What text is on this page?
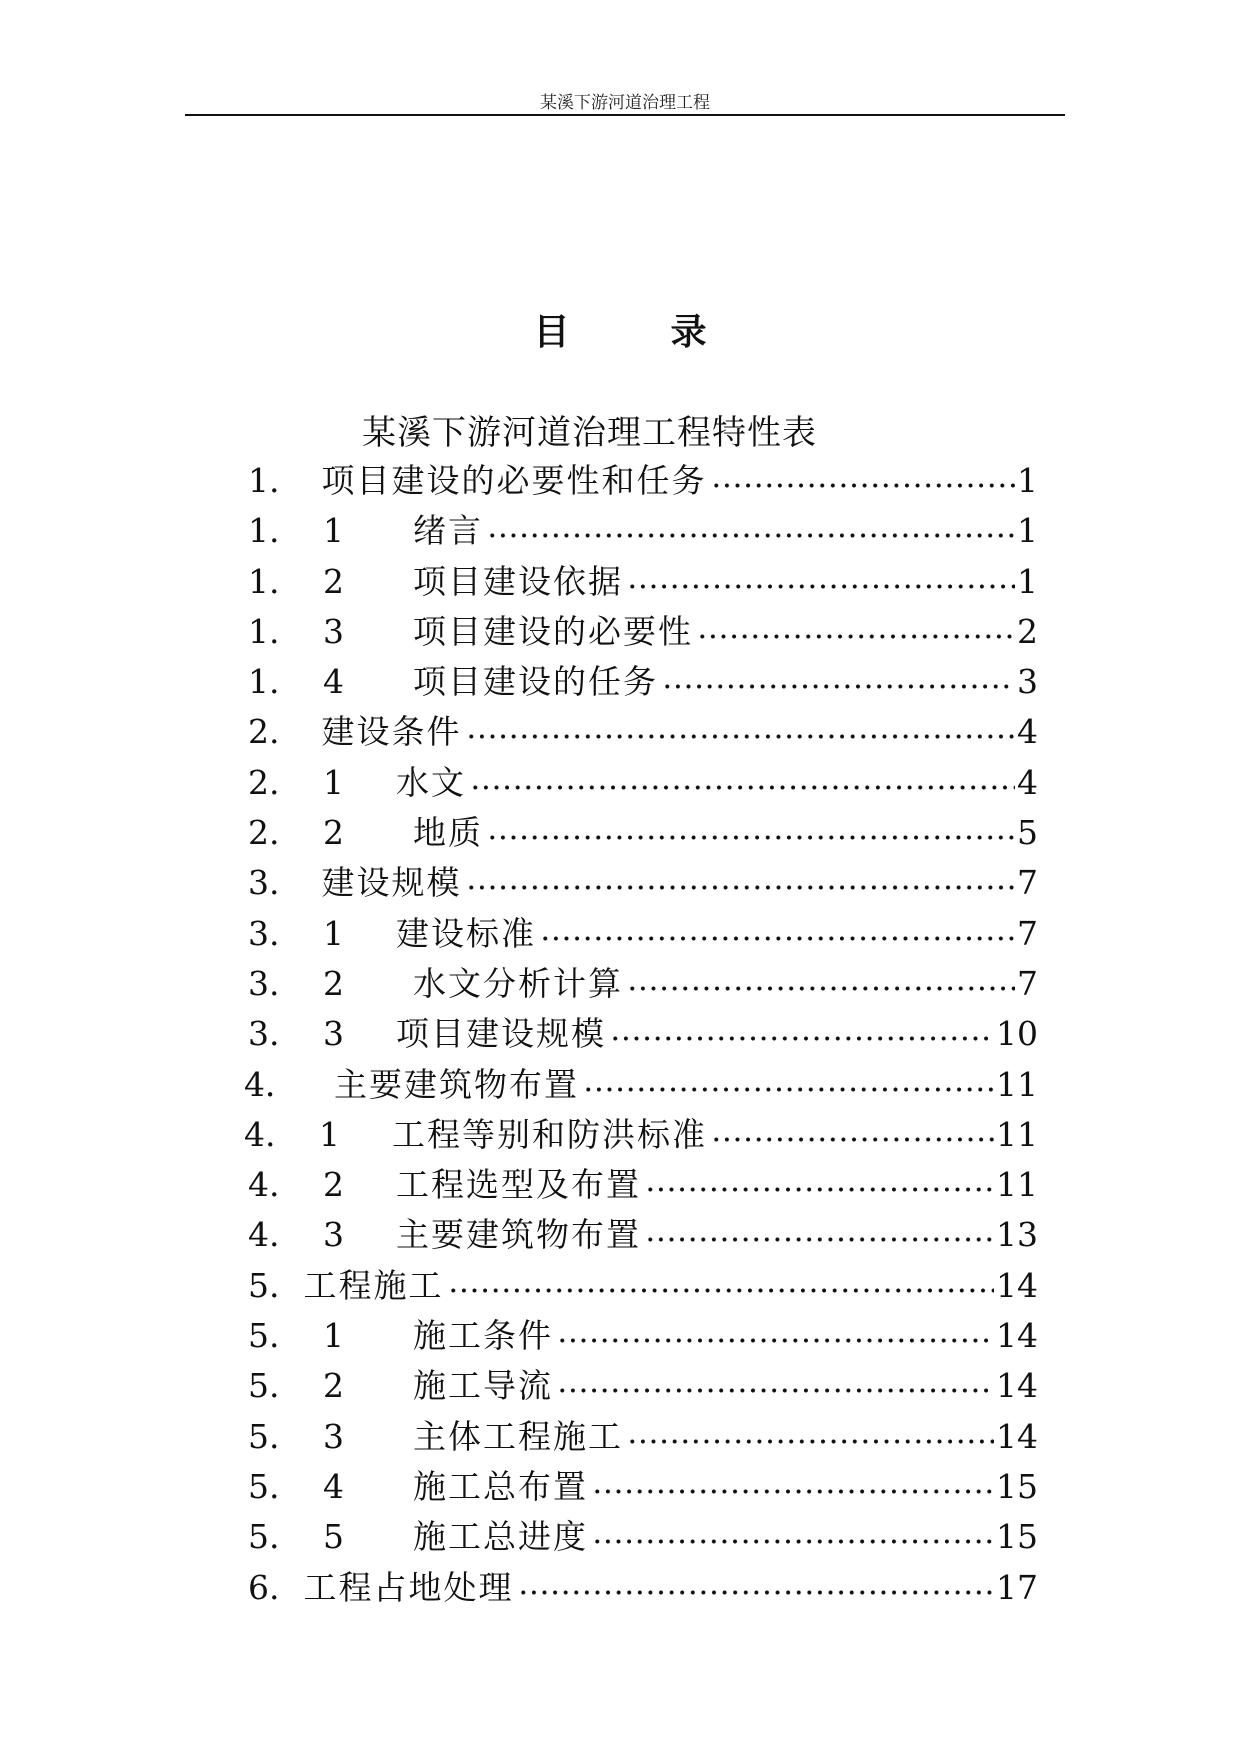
某溪下游河道治理工程
目	录
某溪下游河道治理工程特性表
1. 项目建设的必要性和任务	1
1.　 1 绪言	1
1.　 2 项目建设依据	1
1.　 3 项目建设的必要性	2
1.　 4 项目建设的任务	3
2. 建设条件	4
2.　 1 水文	4
2.　 2 地质	5
3. 建设规模	7
3.　 1 建设标准	7
3.　 2 水文分析计算	7
3.　 3 项目建设规模	10
4． 主要建筑物布置	11
4.　 1 工程等别和防洪标准	11
4.　 2 工程选型及布置	11
4.　 3 主要建筑物布置	13
5. 工程施工	14
5.　 1 施工条件	14
5.　 2 施工导流	14
5.　 3 主体工程施工	14
5.　 4 施工总布置	15
5.　 5 施工总进度	15
6. 工程占地处理	17
